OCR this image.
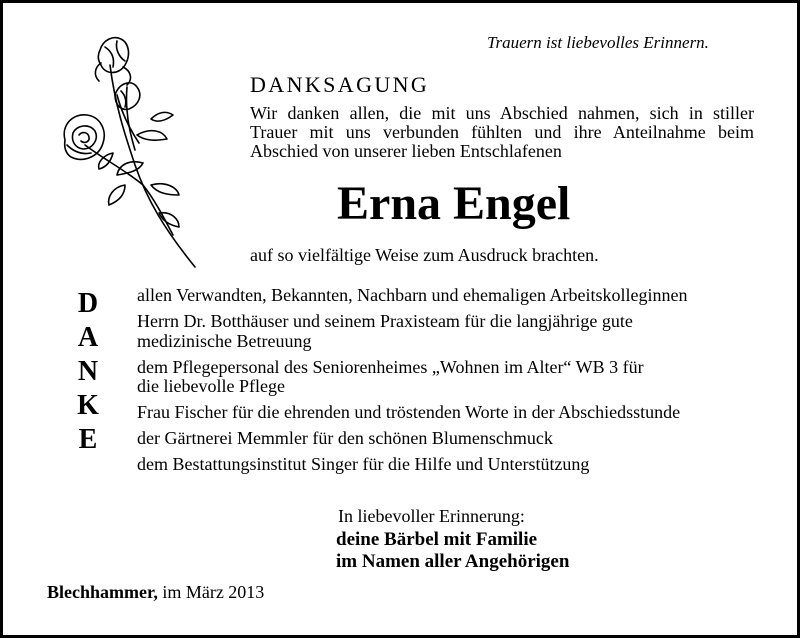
Trauern ist liebevolles Erinnern.
DANKSAGUNG
Wir danken allen, die mit uns Abschied nahmen, sich in stiller
Trauer mit uns verbunden fühlten und ihre Anteilnahme beim
Abschied von unserer lieben Entschlafenen
Erna Engel
auf so vielfältige Weise zum Ausdruck brachten.
D
A
N
K
E
allen Verwandten, Bekannten, Nachbarn und ehemaligen Arbeitskolleginnen
Herrn Dr. Botthäuser und seinem Praxisteam für die langjährige gute
medizinische Betreuung
dem Pflegepersonal des Seniorenheimes „Wohnen im Alter“ WB 3 für
die liebevolle Pflege
Frau Fischer für die ehrenden und tröstenden Worte in der Abschiedsstunde
der Gärtnerei Memmler für den schönen Blumenschmuck
dem Bestattungsinstitut Singer für die Hilfe und Unterstützung
In liebevoller Erinnerung:
deine Bärbel mit Familie
im Namen aller Angehörigen
Blechhammer, im März 2013
